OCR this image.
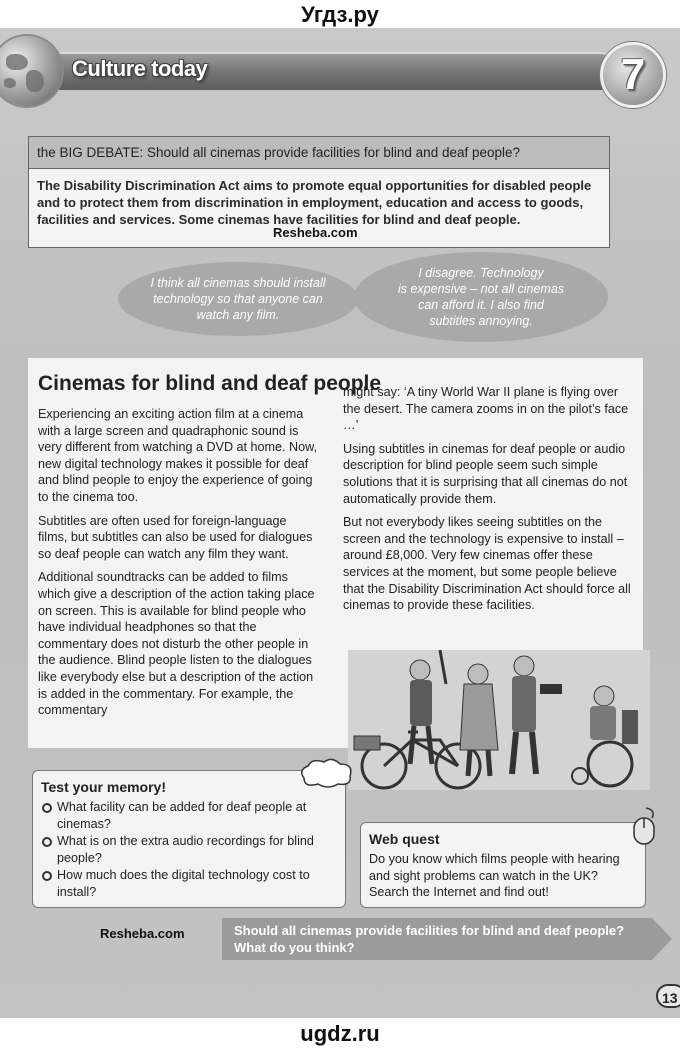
Угдз.ру
Culture today	7
the BIG DEBATE: Should all cinemas provide facilities for blind and deaf people?
The Disability Discrimination Act aims to promote equal opportunities for disabled people and to protect them from discrimination in employment, education and access to goods, facilities and services. Some cinemas have facilities for blind and deaf people.
Resheba.com
I think all cinemas should install
technology so that anyone can
watch any film.
I disagree. Technology
is expensive – not all cinemas
can afford it. I also find
subtitles annoying.
Cinemas for blind and deaf people

Experiencing an exciting action film at a cinema with a large screen and quadraphonic sound is very different from watching a DVD at home. Now, new digital technology makes it possible for deaf and blind people to enjoy the experience of going to the cinema too.

Subtitles are often used for foreign-language films, but subtitles can also be used for dialogues so deaf people can watch any film they want.

Additional soundtracks can be added to films which give a description of the action taking place on screen. This is available for blind people who have individual headphones so that the commentary does not disturb the other people in the audience. Blind people listen to the dialogues like everybody else but a description of the action is added in the commentary. For example, the commentary

might say: ‘A tiny World War II plane is flying over the desert. The camera zooms in on the pilot’s face …’

Using subtitles in cinemas for deaf people or audio description for blind people seem such simple solutions that it is surprising that all cinemas do not automatically provide them.

But not everybody likes seeing subtitles on the screen and the technology is expensive to install – around £8,000. Very few cinemas offer these services at the moment, but some people believe that the Disability Discrimination Act should force all cinemas to provide these facilities.

Test your memory!
What facility can be added for deaf people at cinemas?
What is on the extra audio recordings for blind people?
How much does the digital technology cost to install?
Web quest
Do you know which films people with hearing and sight problems can watch in the UK? Search the Internet and find out!
Resheba.com	Should all cinemas provide facilities for blind and deaf people?
What do you think?
13
ugdz.ru
